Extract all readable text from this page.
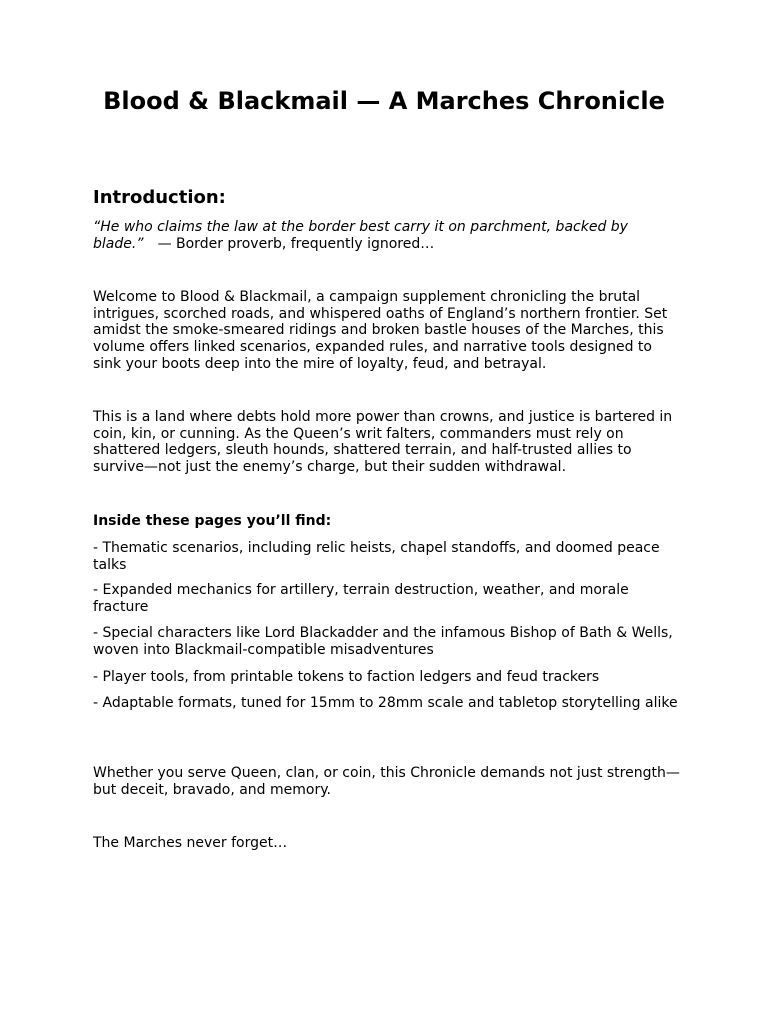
Blood & Blackmail — A Marches Chronicle
Introduction:
“He who claims the law at the border best carry it on parchment, backed by blade.” — Border proverb, frequently ignored…
Welcome to Blood & Blackmail, a campaign supplement chronicling the brutal intrigues, scorched roads, and whispered oaths of England’s northern frontier. Set amidst the smoke-smeared ridings and broken bastle houses of the Marches, this volume offers linked scenarios, expanded rules, and narrative tools designed to sink your boots deep into the mire of loyalty, feud, and betrayal.
This is a land where debts hold more power than crowns, and justice is bartered in coin, kin, or cunning. As the Queen’s writ falters, commanders must rely on shattered ledgers, sleuth hounds, shattered terrain, and half-trusted allies to survive—not just the enemy’s charge, but their sudden withdrawal.
Inside these pages you’ll find:
- Thematic scenarios, including relic heists, chapel standoffs, and doomed peace talks
- Expanded mechanics for artillery, terrain destruction, weather, and morale fracture
- Special characters like Lord Blackadder and the infamous Bishop of Bath & Wells, woven into Blackmail-compatible misadventures
- Player tools, from printable tokens to faction ledgers and feud trackers
- Adaptable formats, tuned for 15mm to 28mm scale and tabletop storytelling alike
Whether you serve Queen, clan, or coin, this Chronicle demands not just strength—but deceit, bravado, and memory.
The Marches never forget…
